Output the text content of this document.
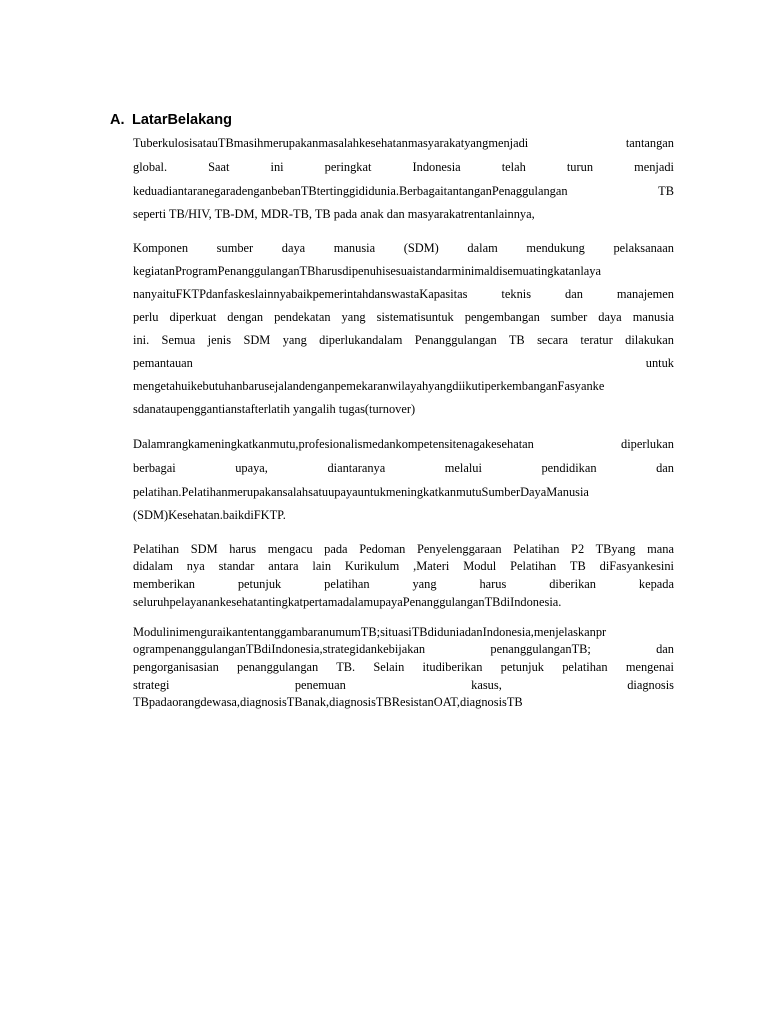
A. LatarBelakang
TuberkulosisatauTBmasihmerupakanmasalahkesehatanmasyarakatyangmenjadi tantangan
global. Saat ini peringkat Indonesia telah turun menjadi
keduadiantaranegaradenganbebanTBtertinggididunia.BerbagaitantanganPenaggulangan TB
seperti TB/HIV, TB-DM, MDR-TB, TB pada anak dan masyarakatrentanlainnya,
Komponen sumber daya manusia (SDM) dalam mendukung pelaksanaan
kegiatanProgramPenanggulanganTBharusdipenuhisesuaistandarminimaldisemuatingkatanlaya
nanyaituFKTPdanfaskeslainnyabaikpemerintahdanswastaKapasitas teknis dan manajemen
perlu diperkuat dengan pendekatan yang sistematisuntuk pengembangan sumber daya manusia
ini. Semua jenis SDM yang diperlukandalam Penanggulangan TB secara teratur dilakukan
pemantauan untuk
mengetahuikebutuhanbarusejalandenganpemekaranwilayahyangdiikutiperkembanganFasyanke
sdanataupenggantianstafterlatih yangalih tugas(turnover)
Dalamrangkameningkatkanmutu,profesionalismedankompetensitenagakesehatan diperlukan
berbagai upaya, diantaranya melalui pendidikan dan
pelatihan.PelatihanmerupakansalahsatuupayauntukmeningkatkanmutuSumberDayaManusia
(SDM)Kesehatan.baikdiFKTP.
Pelatihan SDM harus mengacu pada Pedoman Penyelenggaraan Pelatihan P2 TByang mana
didalam nya standar antara lain Kurikulum ,Materi Modul Pelatihan TB diFasyankesini
memberikan petunjuk pelatihan yang harus diberikan kepada
seluruhpelayanankesehatantingkatpertamadalamupayaPenanggulanganTBdiIndonesia.
ModulinimenguraikantentanggambaranumumTB;situasiTBdiduniadanIndonesia,menjelaskanpr
ogrampenanggulanganTBdiIndonesia,strategidankebijakan penanggulanganTB; dan
pengorganisasian penanggulangan TB. Selain itudiberikan petunjuk pelatihan mengenai
strategi penemuan kasus, diagnosis
TBpadaorangdewasa,diagnosisTBanak,diagnosisTBResistanOAT,diagnosisTB
